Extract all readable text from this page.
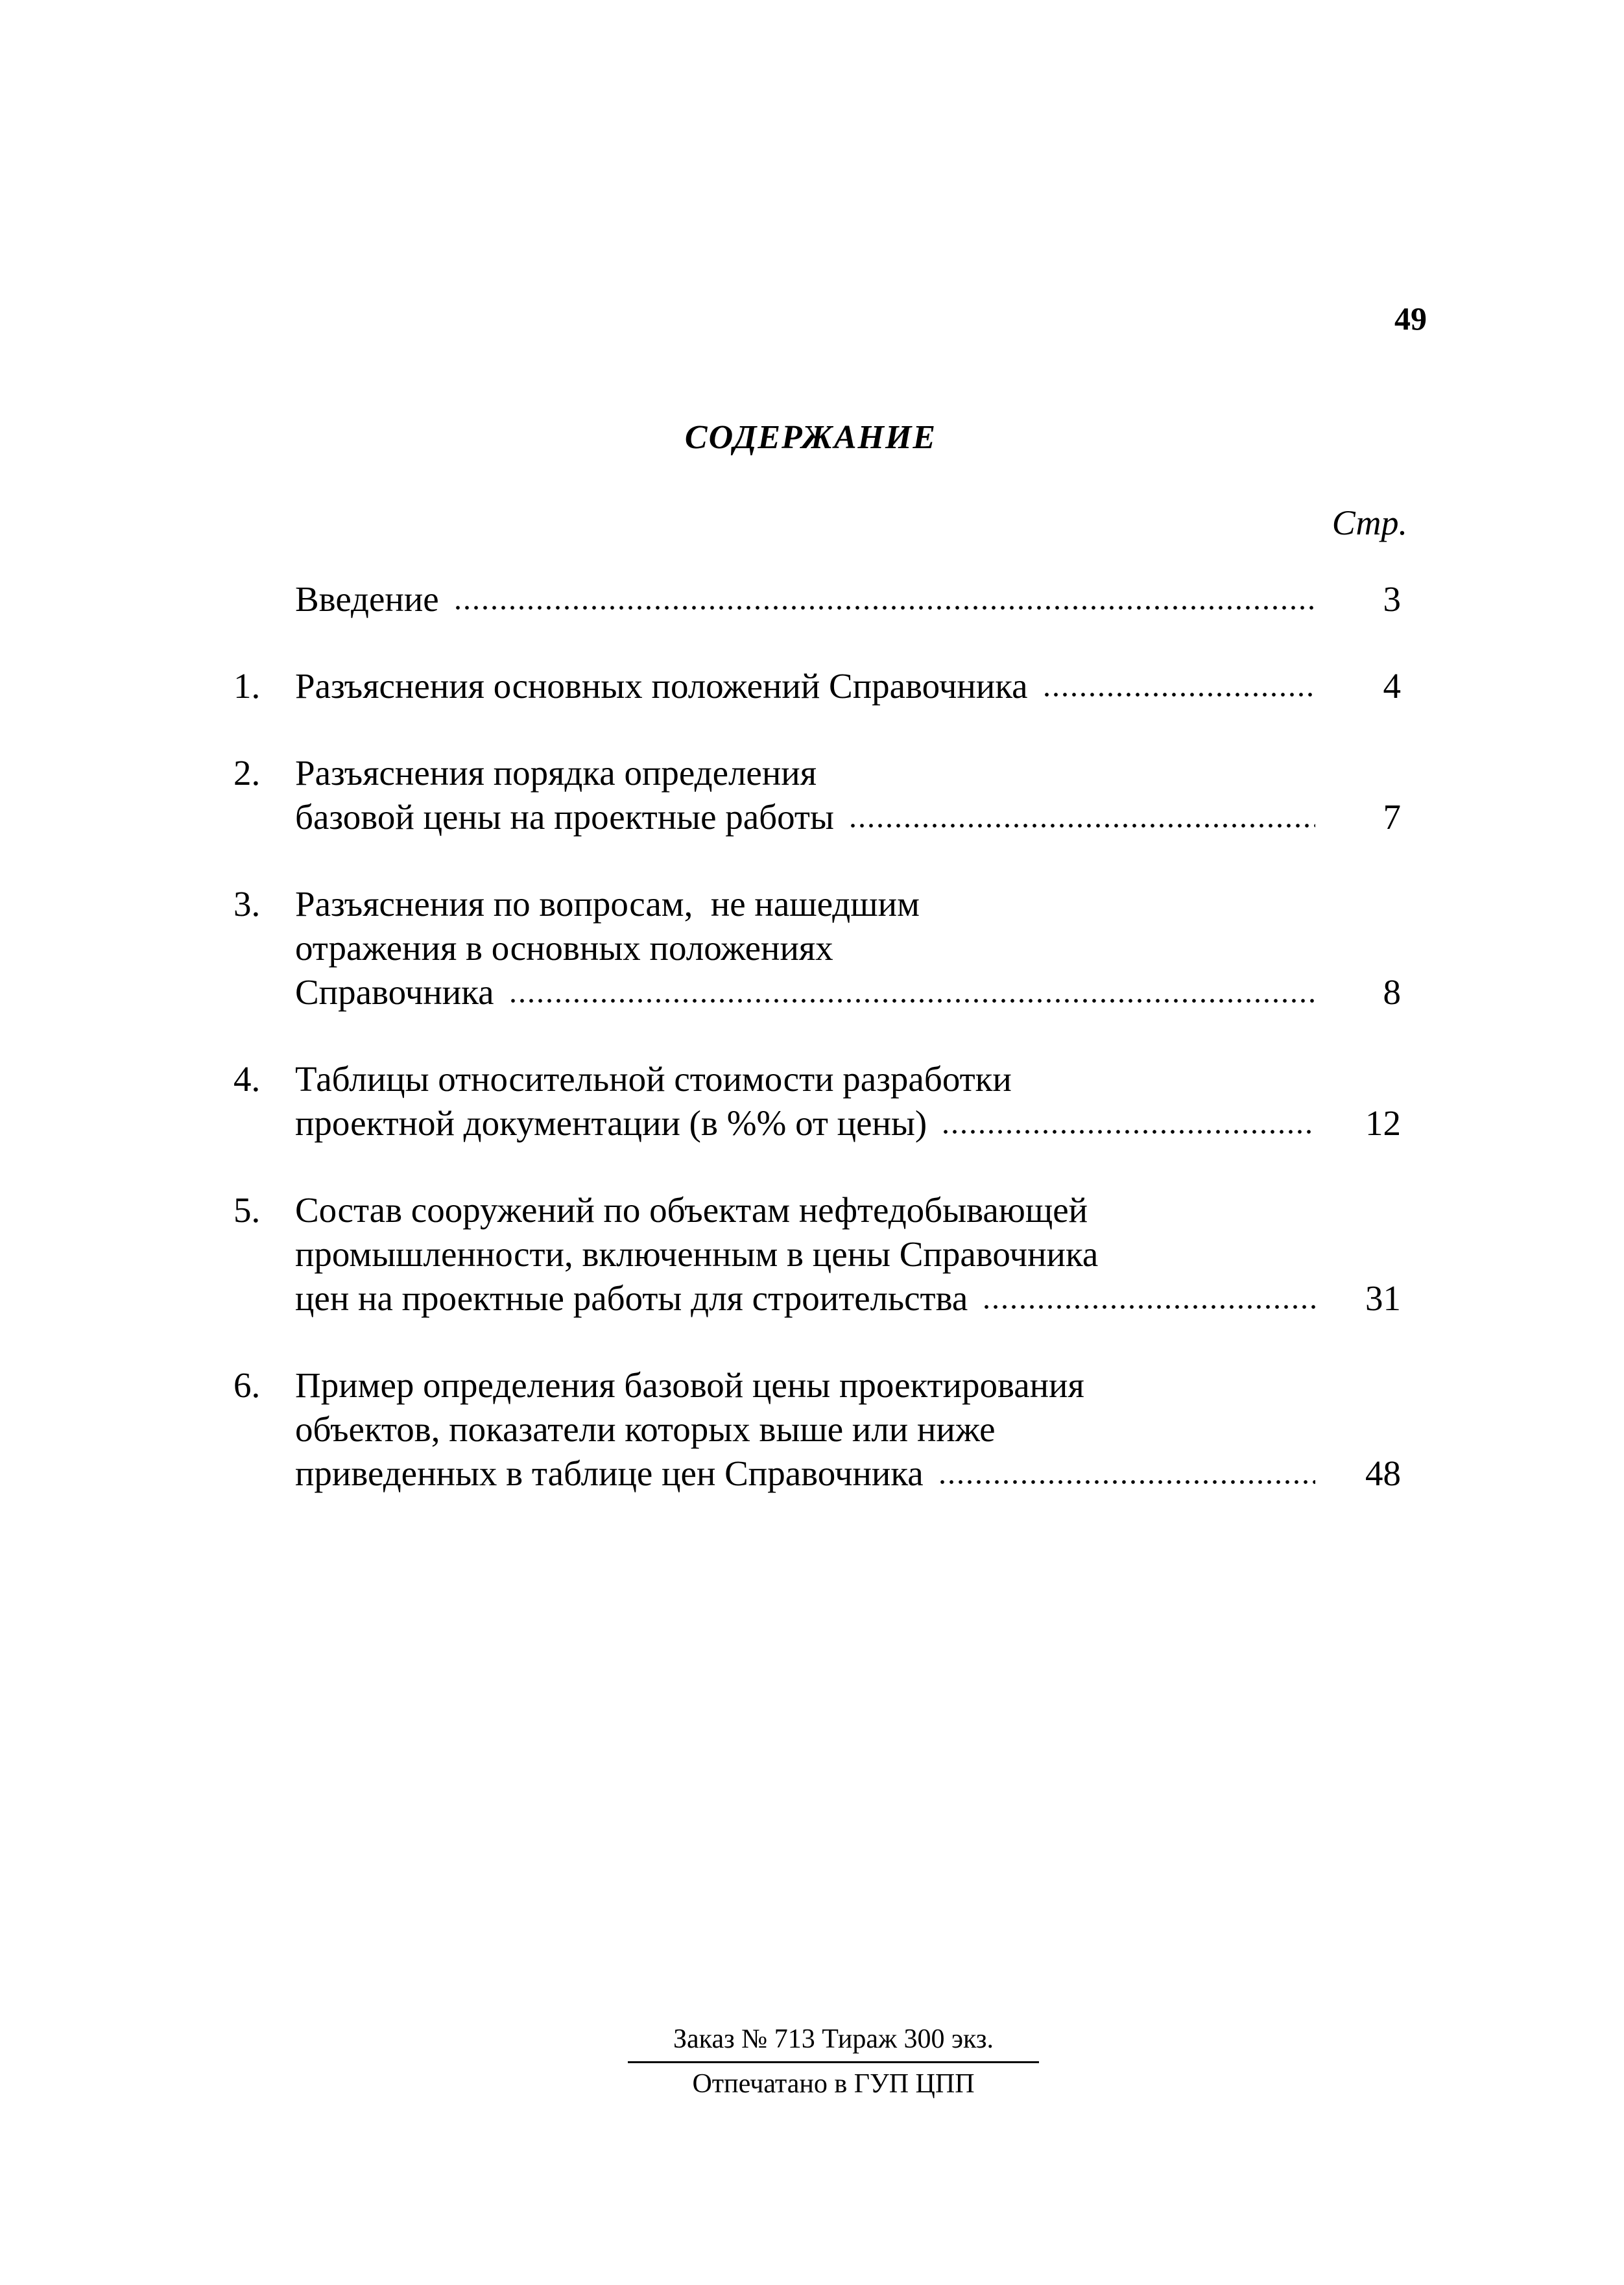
49
СОДЕРЖАНИЕ
Стр.
Введение	3
1. Разъяснения основных положений Справочника	4
2. Разъяснения порядка определения
базовой цены на проектные работы	7
3. Разъяснения по вопросам,  не нашедшим
отражения в основных положениях
Справочника	8
4. Таблицы относительной стоимости разработки
проектной документации (в %% от цены)	12
5. Состав сооружений по объектам нефтедобывающей
промышленности, включенным в цены Справочника
цен на проектные работы для строительства	31
6. Пример определения базовой цены проектирования
объектов, показатели которых выше или ниже
приведенных в таблице цен Справочника	48
Заказ № 713 Тираж 300 экз.
Отпечатано в ГУП ЦПП
